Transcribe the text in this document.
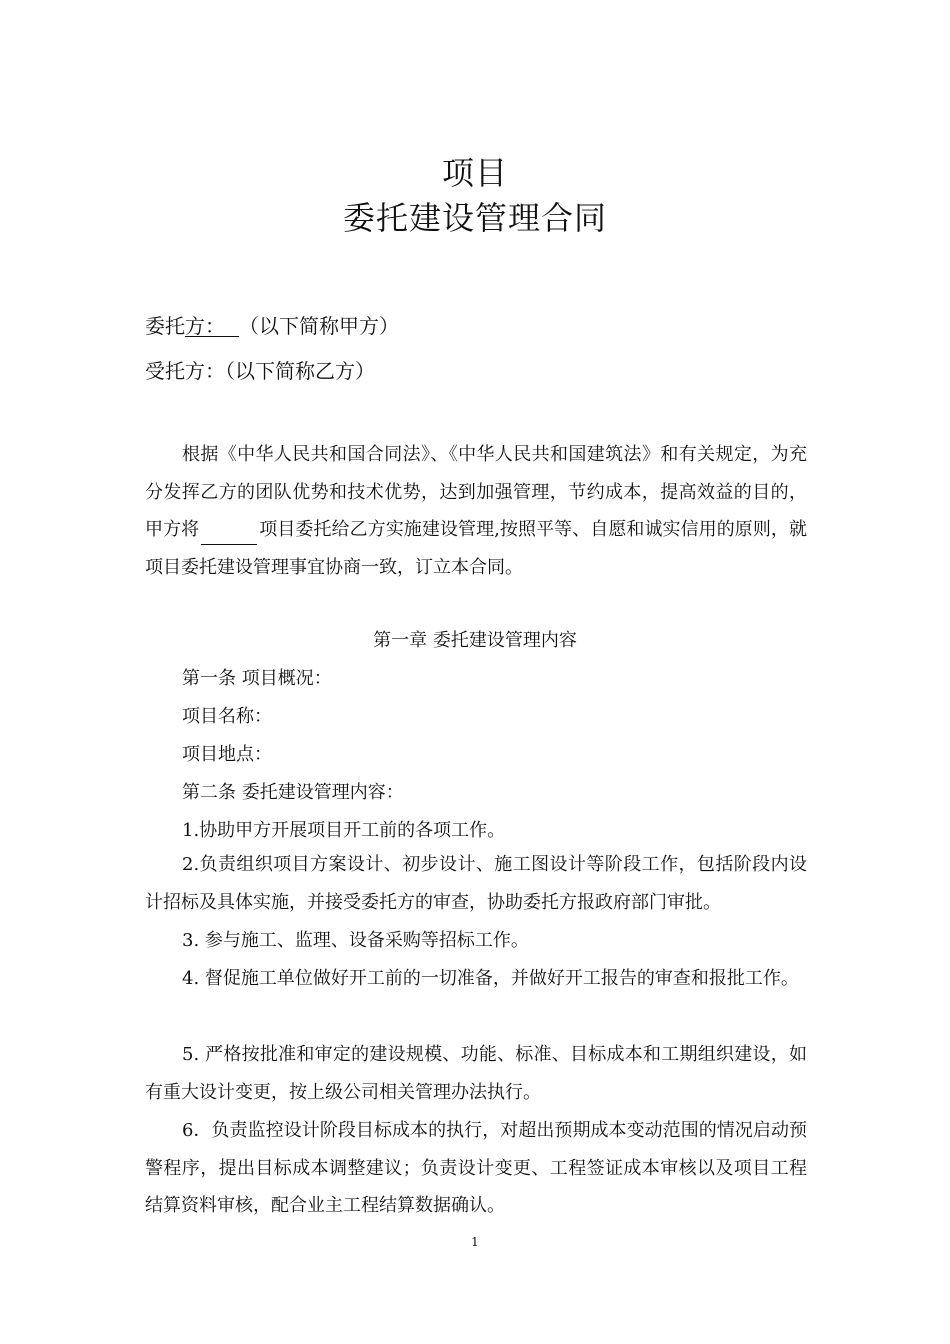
项目
委托建设管理合同
委托方： （以下简称甲方）
受托方：（以下简称乙方）
根据《中华人民共和国合同法》、《中华人民共和国建筑法》和有关规定，为充分发挥乙方的团队优势和技术优势，达到加强管理，节约成本，提高效益的目的，甲方将	项目委托给乙方实施建设管理,按照平等、自愿和诚实信用的原则，就项目委托建设管理事宜协商一致，订立本合同。
第一章 委托建设管理内容
第一条 项目概况：
项目名称：
项目地点：
第二条 委托建设管理内容：
1.协助甲方开展项目开工前的各项工作。
2.负责组织项目方案设计、初步设计、施工图设计等阶段工作，包括阶段内设计招标及具体实施，并接受委托方的审查，协助委托方报政府部门审批。
3. 参与施工、监理、设备采购等招标工作。
4. 督促施工单位做好开工前的一切准备，并做好开工报告的审查和报批工作。
5. 严格按批准和审定的建设规模、功能、标准、目标成本和工期组织建设，如有重大设计变更，按上级公司相关管理办法执行。
6．负责监控设计阶段目标成本的执行，对超出预期成本变动范围的情况启动预警程序，提出目标成本调整建议；负责设计变更、工程签证成本审核以及项目工程结算资料审核，配合业主工程结算数据确认。
1
